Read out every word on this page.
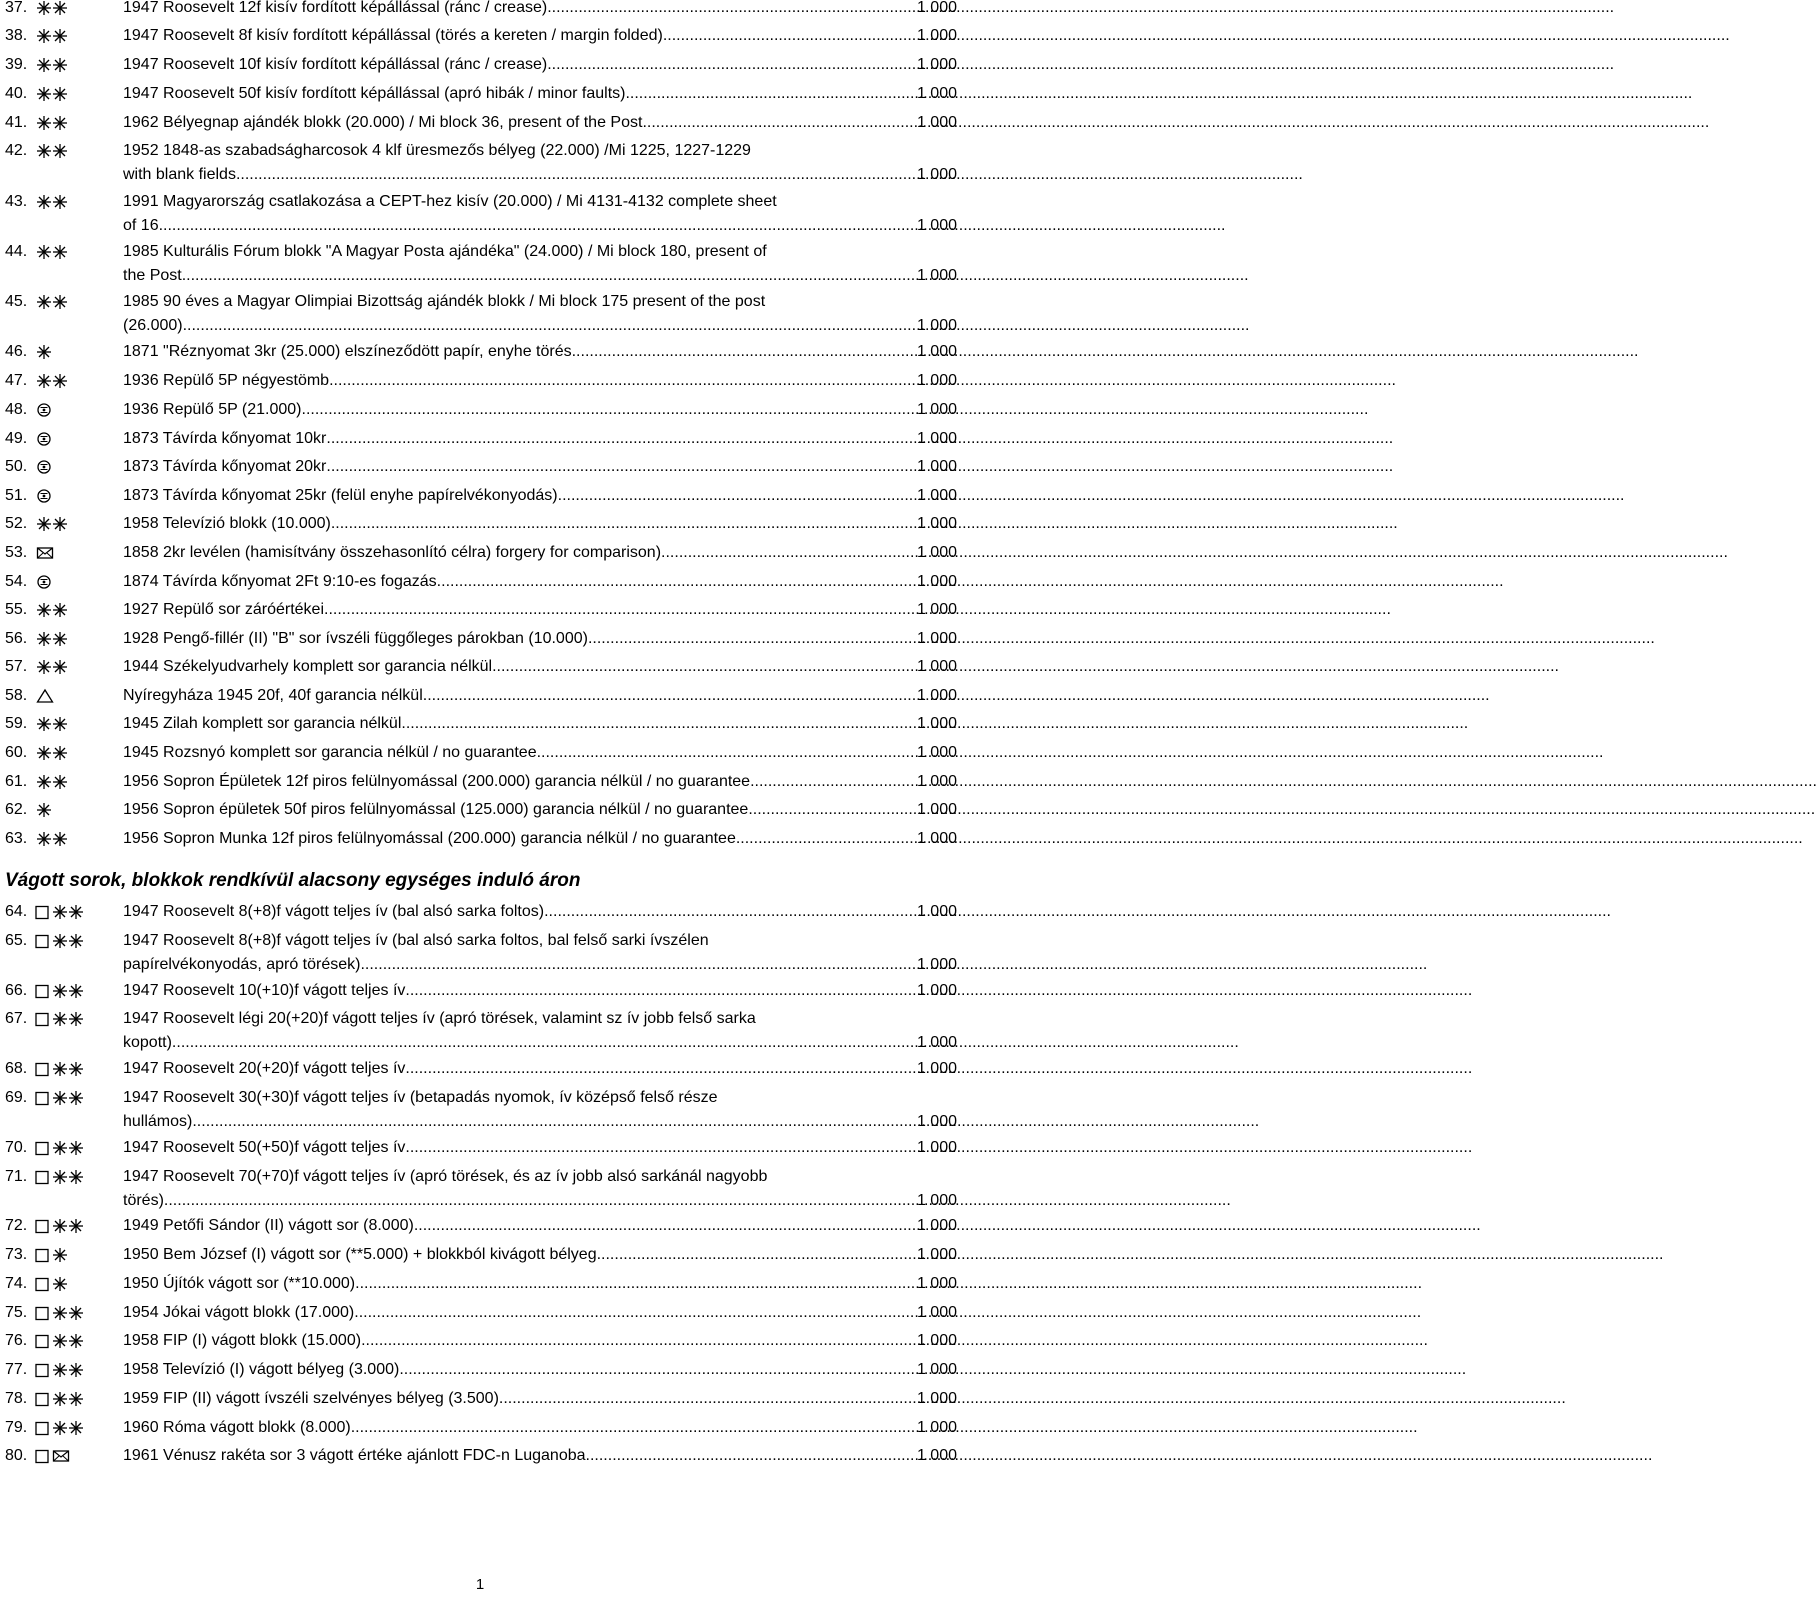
37.	1947 Roosevelt 12f kisív fordított képállással (ránc / crease) .....	1 000
38.	1947 Roosevelt 8f kisív fordított képállással (törés a kereten / margin folded) .....	1 000
39.	1947 Roosevelt 10f kisív fordított képállással (ránc / crease) .....	1 000
40.	1947 Roosevelt 50f kisív fordított képállással (apró hibák / minor faults) .....	1 000
41.	1962 Bélyegnap ajándék blokk (20.000) / Mi block 36, present of the Post .....	1 000
42.	1952 1848-as szabadságharcosok 4 klf üresmezős bélyeg (22.000) /Mi 1225, 1227-1229
with blank fields .....	1 000
43.	1991 Magyarország csatlakozása a CEPT-hez kisív (20.000) / Mi 4131-4132 complete sheet
of 16 .....	1 000
44.	1985 Kulturális Fórum blokk "A Magyar Posta ajándéka" (24.000) / Mi block 180, present of
the Post .....	1 000
45.	1985 90 éves a Magyar Olimpiai Bizottság ajándék blokk / Mi block 175 present of the post
(26.000) .....	1 000
46.	1871 "Réznyomat 3kr (25.000) elszíneződött papír, enyhe törés .....	1 000
47.	1936 Repülő 5P négyestömb .....	1 000
48.	1936 Repülő 5P (21.000) .....	1 000
49.	1873 Távírda kőnyomat 10kr .....	1 000
50.	1873 Távírda kőnyomat 20kr .....	1 000
51.	1873 Távírda kőnyomat 25kr (felül enyhe papírelvékonyodás) .....	1 000
52.	1958 Televízió blokk (10.000) .....	1 000
53.	1858 2kr levélen (hamisítvány összehasonlító célra) forgery for comparison) .....	1 000
54.	1874 Távírda kőnyomat 2Ft 9:10-es fogazás .....	1 000
55.	1927 Repülő sor záróértékei .....	1 000
56.	1928 Pengő-fillér (II) "B" sor ívszéli függőleges párokban (10.000) .....	1 000
57.	1944 Székelyudvarhely komplett sor garancia nélkül .....	1 000
58.	Nyíregyháza 1945 20f, 40f garancia nélkül .....	1 000
59.	1945 Zilah komplett sor garancia nélkül .....	1 000
60.	1945 Rozsnyó komplett sor garancia nélkül / no guarantee .....	1 000
61.	1956 Sopron Épületek 12f piros felülnyomással (200.000) garancia nélkül / no guarantee .....	1 000
62.	1956 Sopron épületek 50f piros felülnyomással (125.000) garancia nélkül / no guarantee .....	1 000
63.	1956 Sopron Munka 12f piros felülnyomással (200.000) garancia nélkül / no guarantee .....	1 000
Vágott sorok, blokkok rendkívül alacsony egységes induló áron
64.	1947 Roosevelt 8(+8)f vágott teljes ív (bal alsó sarka foltos) .....	1 000
65.	1947 Roosevelt 8(+8)f vágott teljes ív (bal alsó sarka foltos, bal felső sarki ívszélen
papírelvékonyodás, apró törések) .....	1 000
66.	1947 Roosevelt 10(+10)f vágott teljes ív .....	1 000
67.	1947 Roosevelt légi 20(+20)f vágott teljes ív (apró törések, valamint sz ív jobb felső sarka
kopott) .....	1 000
68.	1947 Roosevelt 20(+20)f vágott teljes ív .....	1 000
69.	1947 Roosevelt 30(+30)f vágott teljes ív (betapadás nyomok, ív középső felső része
hullámos) .....	1 000
70.	1947 Roosevelt 50(+50)f vágott teljes ív .....	1 000
71.	1947 Roosevelt 70(+70)f vágott teljes ív (apró törések, és az ív jobb alsó sarkánál nagyobb
törés) .....	1 000
72.	1949 Petőfi Sándor (II) vágott sor (8.000) .....	1 000
73.	1950 Bem József (I) vágott sor (**5.000) + blokkból kivágott bélyeg .....	1 000
74.	1950 Újítók vágott sor (**10.000) .....	1 000
75.	1954 Jókai vágott blokk (17.000) .....	1 000
76.	1958 FIP (I) vágott blokk (15.000) .....	1 000
77.	1958 Televízió (I) vágott bélyeg (3.000) .....	1 000
78.	1959 FIP (II) vágott ívszéli szelvényes bélyeg (3.500) .....	1 000
79.	1960 Róma vágott blokk (8.000) .....	1 000
80.	1961 Vénusz rakéta sor 3 vágott értéke ajánlott FDC-n Luganoba .....	1 000
1
